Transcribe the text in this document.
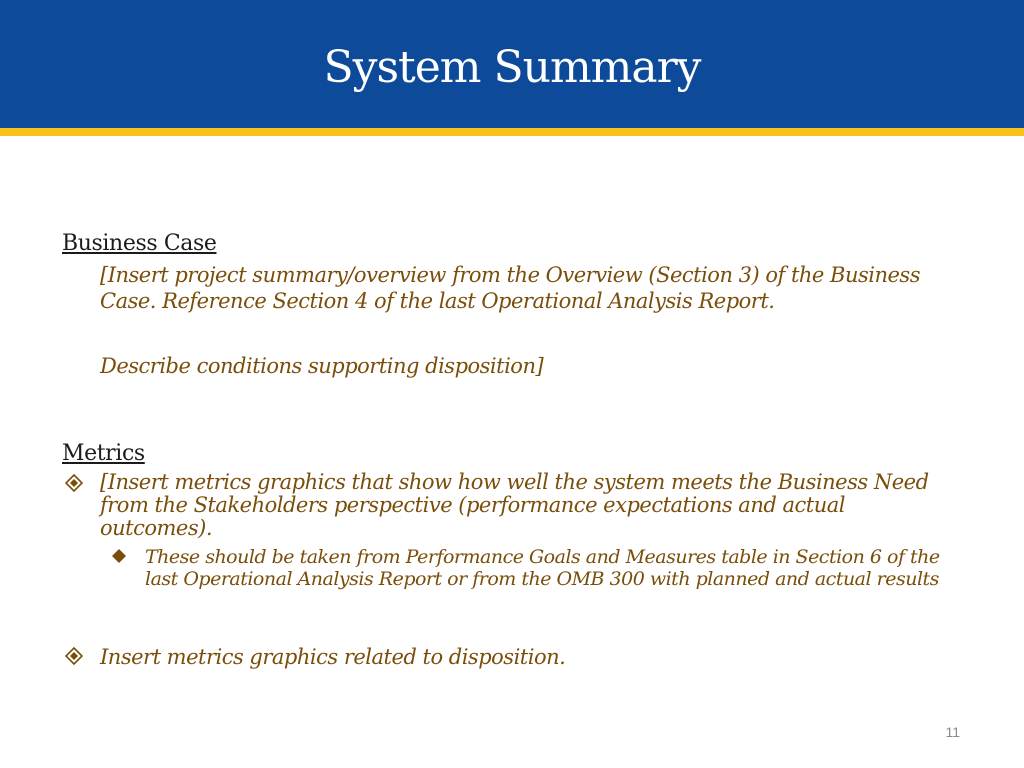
System Summary
Business Case
[Insert project summary/overview from the Overview (Section 3) of the Business Case. Reference Section 4 of the last Operational Analysis Report.
Describe conditions supporting disposition]
Metrics
[Insert metrics graphics that show how well the system meets the Business Need from the Stakeholders perspective (performance expectations and actual outcomes).
These should be taken from Performance Goals and Measures table in Section 6 of the last Operational Analysis Report or from the OMB 300 with planned and actual results
Insert metrics graphics related to disposition.
11
